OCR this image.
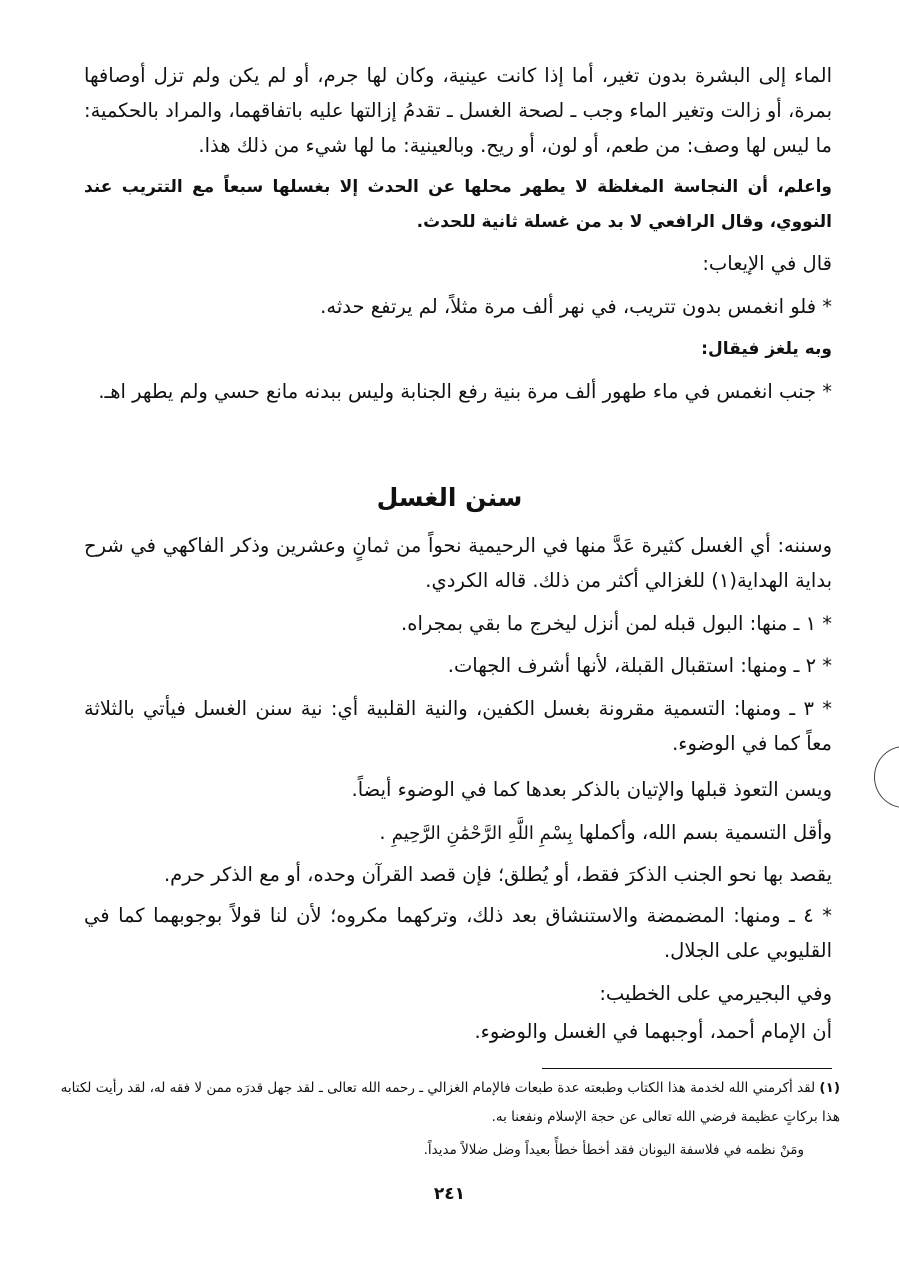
الماء إلى البشرة بدون تغير، أما إذا كانت عينية، وكان لها جرم، أو لم يكن ولم تزل أوصافها بمرة، أو زالت وتغير الماء وجب ـ لصحة الغسل ـ تقدمُ إزالتها عليه باتفاقهما، والمراد بالحكمية: ما ليس لها وصف: من طعم، أو لون، أو ريح. وبالعينية: ما لها شيء من ذلك هذا.
واعلم، أن النجاسة المغلظة لا يطهر محلها عن الحدث إلا بغسلها سبعاً مع التتريب عند النووي، وقال الرافعي لا بد من غسلة ثانية للحدث.
قال في الإيعاب:
* فلو انغمس بدون تتريب، في نهر ألف مرة مثلاً، لم يرتفع حدثه.
وبه يلغز فيقال:
* جنب انغمس في ماء طهور ألف مرة بنية رفع الجنابة وليس ببدنه مانع حسي ولم يطهر اهـ.
سنن الغسل
وسننه: أي الغسل كثيرة عَدَّ منها في الرحيمية نحواً من ثمانٍ وعشرين وذكر الفاكهي في شرح بداية الهداية(١) للغزالي أكثر من ذلك. قاله الكردي.
* ١ ـ منها: البول قبله لمن أنزل ليخرج ما بقي بمجراه.
* ٢ ـ ومنها: استقبال القبلة، لأنها أشرف الجهات.
* ٣ ـ ومنها: التسمية مقرونة بغسل الكفين، والنية القلبية أي: نية سنن الغسل فيأتي بالثلاثة معاً كما في الوضوء.
ويسن التعوذ قبلها والإتيان بالذكر بعدها كما في الوضوء أيضاً.
وأقل التسمية بسم الله، وأكملها بِسْمِ اللَّهِ الرَّحْمَٰنِ الرَّحِيمِ .
يقصد بها نحو الجنب الذكرَ فقط، أو يُطلق؛ فإن قصد القرآن وحده، أو مع الذكر حرم.
* ٤ ـ ومنها: المضمضة والاستنشاق بعد ذلك، وتركهما مكروه؛ لأن لنا قولاً بوجوبهما كما في القليوبي على الجلال.
وفي البجيرمي على الخطيب:
أن الإمام أحمد، أوجبهما في الغسل والوضوء.
(١) لقد أكرمني الله لخدمة هذا الكتاب وطبعته عدة طبعات فالإمام الغزالي ـ رحمه الله تعالى ـ لقد جهل قدرَه ممن لا فقه له، لقد رأيت لكتابه هذا بركاتٍ عظيمة فرضي الله تعالى عن حجة الإسلام ونفعنا به.
ومَنْ نظمه في فلاسفة اليونان فقد أخطأ خطأً بعيداً وضل ضلالاً مديداً.
٢٤١
